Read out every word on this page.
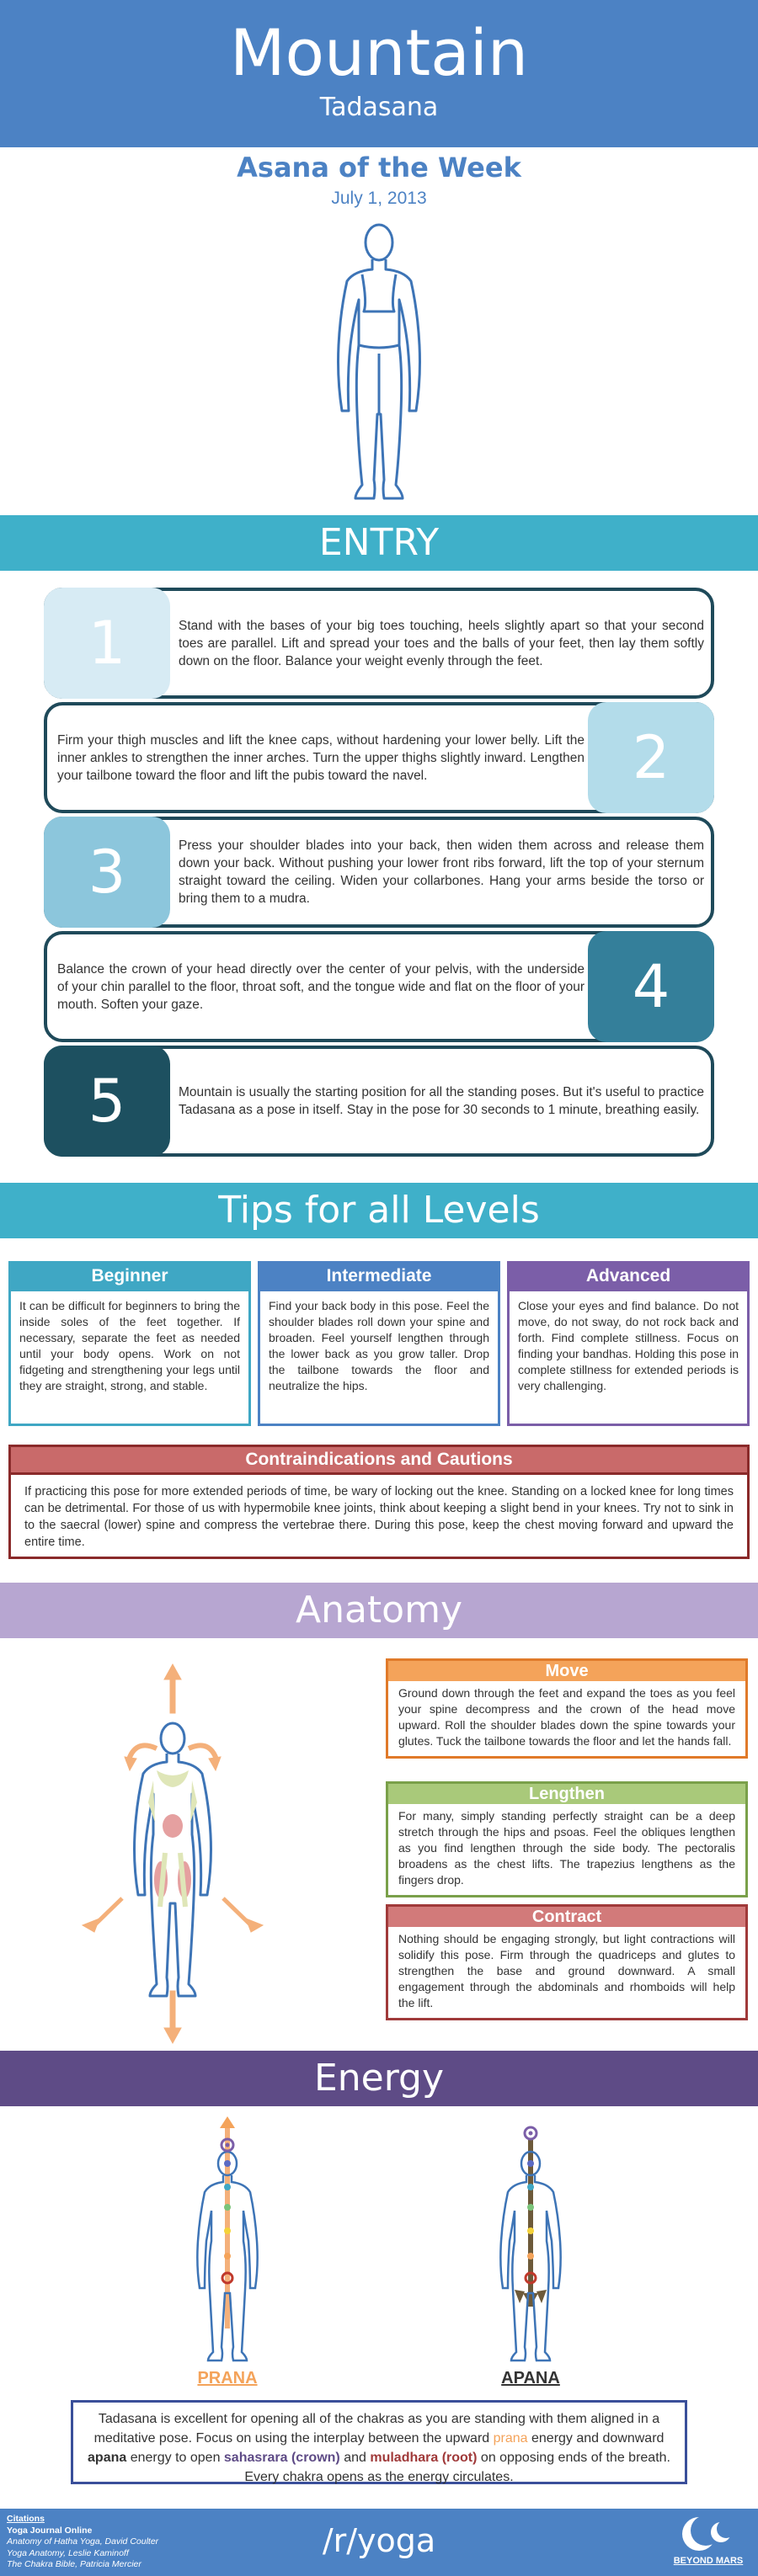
Mountain
Tadasana
Asana of the Week
July 1, 2013
ENTRY
1	Stand with the bases of your big toes touching, heels slightly apart so that your second toes are parallel. Lift and spread your toes and the balls of your feet, then lay them softly down on the floor. Balance your weight evenly through the feet.
Firm your thigh muscles and lift the knee caps, without hardening your lower belly. Lift the inner ankles to strengthen the inner arches. Turn the upper thighs slightly inward. Lengthen your tailbone toward the floor and lift the pubis toward the navel.	2
3	Press your shoulder blades into your back, then widen them across and release them down your back. Without pushing your lower front ribs forward, lift the top of your sternum straight toward the ceiling. Widen your collarbones. Hang your arms beside the torso or bring them to a mudra.
Balance the crown of your head directly over the center of your pelvis, with the underside of your chin parallel to the floor, throat soft, and the tongue wide and flat on the floor of your mouth. Soften your gaze.	4
5	Mountain is usually the starting position for all the standing poses. But it's useful to practice Tadasana as a pose in itself. Stay in the pose for 30 seconds to 1 minute, breathing easily.
Tips for all Levels
Beginner
It can be difficult for beginners to bring the inside soles of the feet together. If necessary, separate the feet as needed until your body opens. Work on not fidgeting and strengthening your legs until they are straight, strong, and stable.
Intermediate
Find your back body in this pose. Feel the shoulder blades roll down your spine and broaden. Feel yourself lengthen through the lower back as you grow taller. Drop the tailbone towards the floor and neutralize the hips.
Advanced
Close your eyes and find balance. Do not move, do not sway, do not rock back and forth. Find complete stillness. Focus on finding your bandhas. Holding this pose in complete stillness for extended periods is very challenging.
Contraindications and Cautions
If practicing this pose for more extended periods of time, be wary of locking out the knee. Standing on a locked knee for long times can be detrimental. For those of us with hypermobile knee joints, think about keeping a slight bend in your knees. Try not to sink in to the saecral (lower) spine and compress the vertebrae there. During this pose, keep the chest moving forward and upward the entire time.
Anatomy
Move
Ground down through the feet and expand the toes as you feel your spine decompress and the crown of the head move upward. Roll the shoulder blades down the spine towards your glutes. Tuck the tailbone towards the floor and let the hands fall.
Lengthen
For many, simply standing perfectly straight can be a deep stretch through the hips and psoas. Feel the obliques lengthen as you find lengthen through the side body. The pectoralis broadens as the chest lifts. The trapezius lengthens as the fingers drop.
Contract
Nothing should be engaging strongly, but light contractions will solidify this pose. Firm through the quadriceps and glutes to strengthen the base and ground downward. A small engagement through the abdominals and rhomboids will help the lift.
Energy
PRANA	APANA
Tadasana is excellent for opening all of the chakras as you are standing with them aligned in a meditative pose. Focus on using the interplay between the upward prana energy and downward apana energy to open sahasrara (crown) and muladhara (root) on opposing ends of the breath. Every chakra opens as the energy circulates.
Citations
Yoga Journal Online
Anatomy of Hatha Yoga, David Coulter
Yoga Anatomy, Leslie Kaminoff
The Chakra Bible, Patricia Mercier
/r/yoga
BEYOND MARS
